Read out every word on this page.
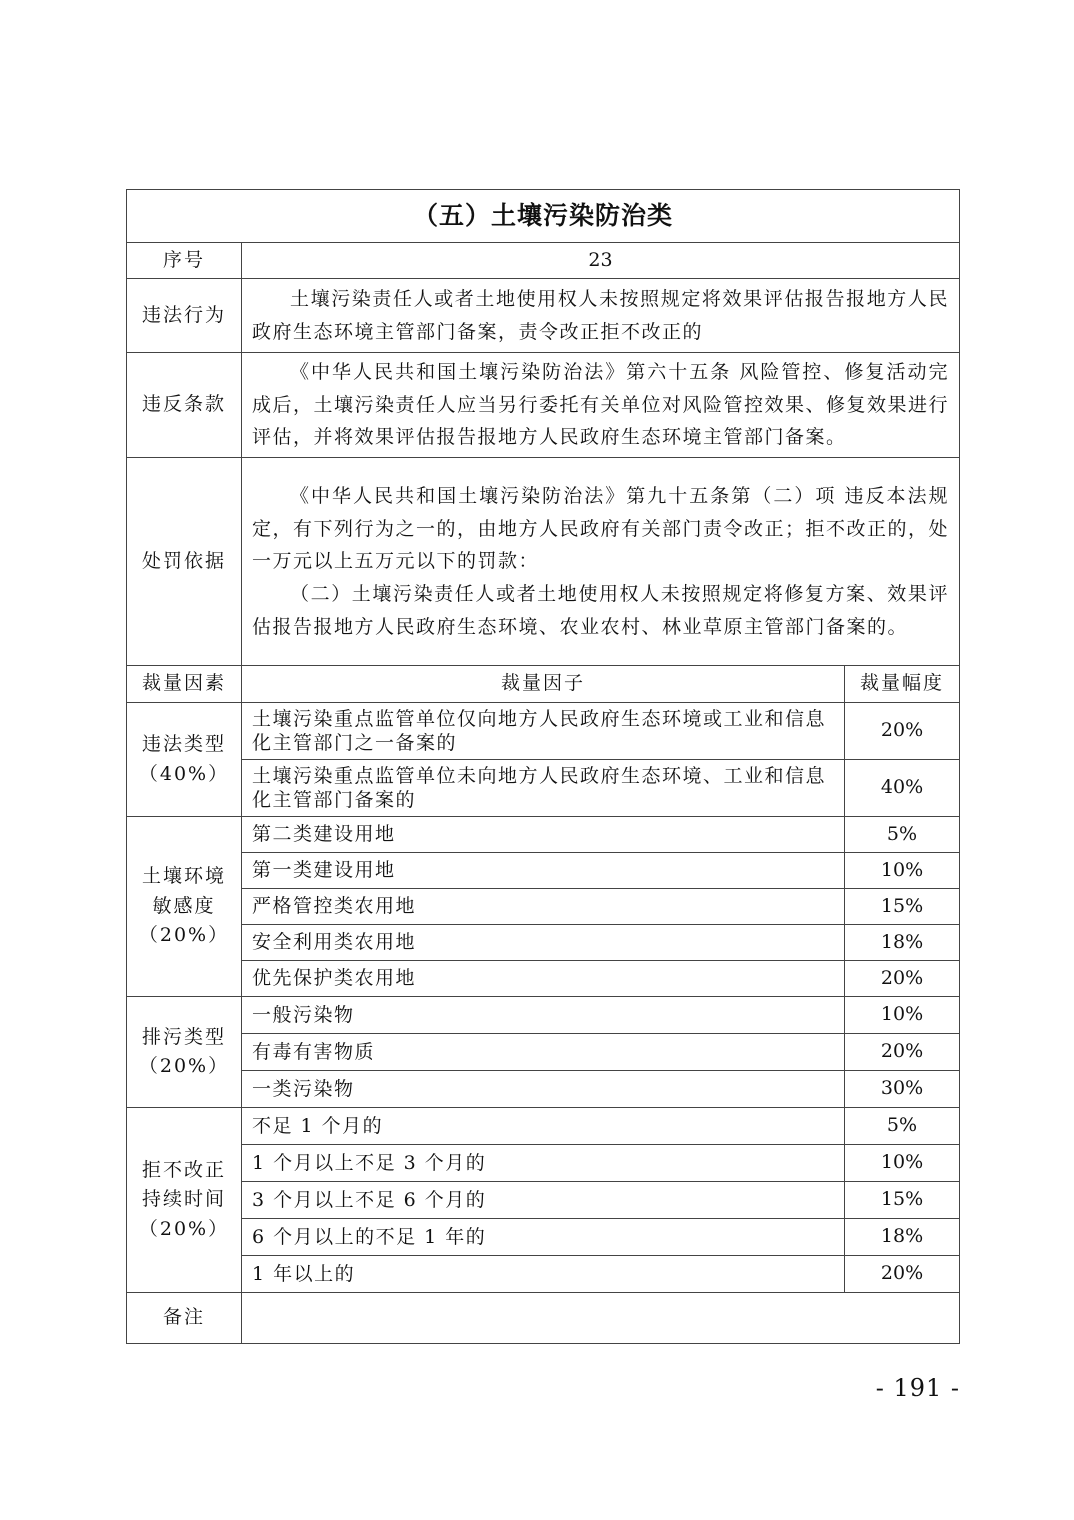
（五）土壤污染防治类		
序号	23	
违法行为	土壤污染责任人或者土地使用权人未按照规定将效果评估报告报地方人民政府生态环境主管部门备案，责令改正拒不改正的	

违反条款	《中华人民共和国土壤污染防治法》第六十五条 风险管控、修复活动完成后，土壤污染责任人应当另行委托有关单位对风险管控效果、修复效果进行评估，并将效果评估报告报地方人民政府生态环境主管部门备案。	

处罚依据	《中华人民共和国土壤污染防治法》第九十五条第（二）项 违反本法规定，有下列行为之一的，由地方人民政府有关部门责令改正；拒不改正的，处一万元以上五万元以下的罚款：

（二）土壤污染责任人或者土地使用权人未按照规定将修复方案、效果评估报告报地方人民政府生态环境、农业农村、林业草原主管部门备案的。	

裁量因素	裁量因子	裁量幅度

违法类型
（40%）	土壤污染重点监管单位仅向地方人民政府生态环境或工业和信息化主管部门之一备案的	20%
	土壤污染重点监管单位未向地方人民政府生态环境、工业和信息化主管部门备案的	40%

土壤环境
敏感度
（20%）	第二类建设用地	5%
	第一类建设用地	10%
	严格管控类农用地	15%
	安全利用类农用地	18%
	优先保护类农用地	20%

排污类型
（20%）	一般污染物	10%
	有毒有害物质	20%
	一类污染物	30%

拒不改正
持续时间
（20%）	不足 1 个月的	5%
	1 个月以上不足 3 个月的	10%
	3 个月以上不足 6 个月的	15%
	6 个月以上的不足 1 年的	18%
	1 年以上的	20%
备注		
- 191 -
